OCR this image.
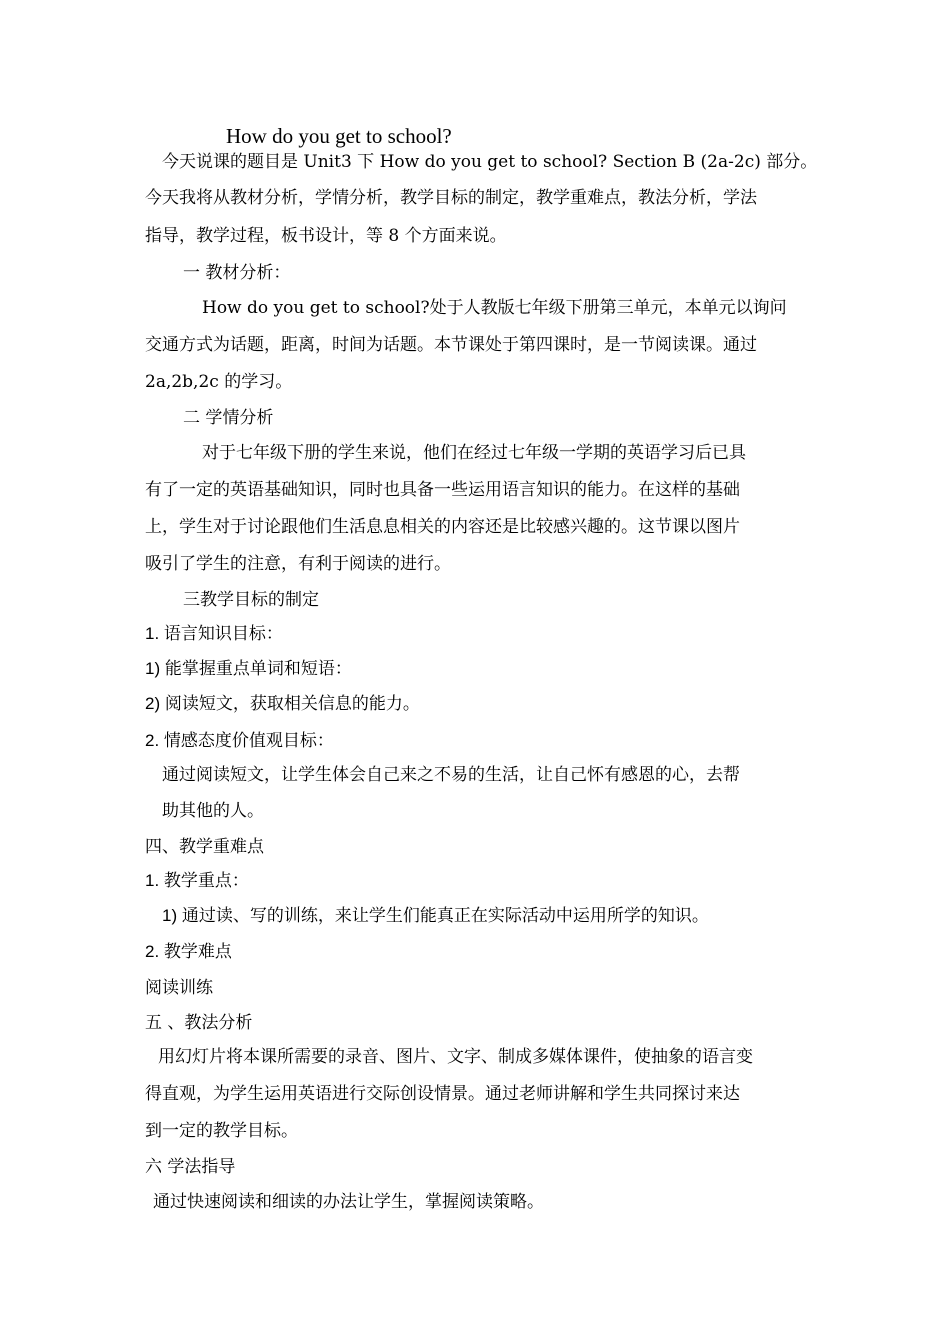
How do you get to school?
今天说课的题目是 Unit3 下 How do you get to school? Section B (2a-2c) 部分。
今天我将从教材分析，学情分析，教学目标的制定，教学重难点，教法分析，学法
指导，教学过程，板书设计，等 8 个方面来说。
一 教材分析：
How do you get to school?处于人教版七年级下册第三单元，本单元以询问
交通方式为话题，距离，时间为话题。本节课处于第四课时，是一节阅读课。通过
2a,2b,2c 的学习。
二 学情分析
对于七年级下册的学生来说，他们在经过七年级一学期的英语学习后已具
有了一定的英语基础知识，同时也具备一些运用语言知识的能力。在这样的基础
上，学生对于讨论跟他们生活息息相关的内容还是比较感兴趣的。这节课以图片
吸引了学生的注意，有利于阅读的进行。
三教学目标的制定
1. 语言知识目标：
1) 能掌握重点单词和短语：
2) 阅读短文，获取相关信息的能力。
2. 情感态度价值观目标：
通过阅读短文，让学生体会自己来之不易的生活，让自己怀有感恩的心，去帮
助其他的人。
四、教学重难点
1. 教学重点：
1) 通过读、写的训练，来让学生们能真正在实际活动中运用所学的知识。
2. 教学难点
阅读训练
五 、教法分析
用幻灯片将本课所需要的录音、图片、文字、制成多媒体课件，使抽象的语言变
得直观，为学生运用英语进行交际创设情景。通过老师讲解和学生共同探讨来达
到一定的教学目标。
六 学法指导
通过快速阅读和细读的办法让学生，掌握阅读策略。
